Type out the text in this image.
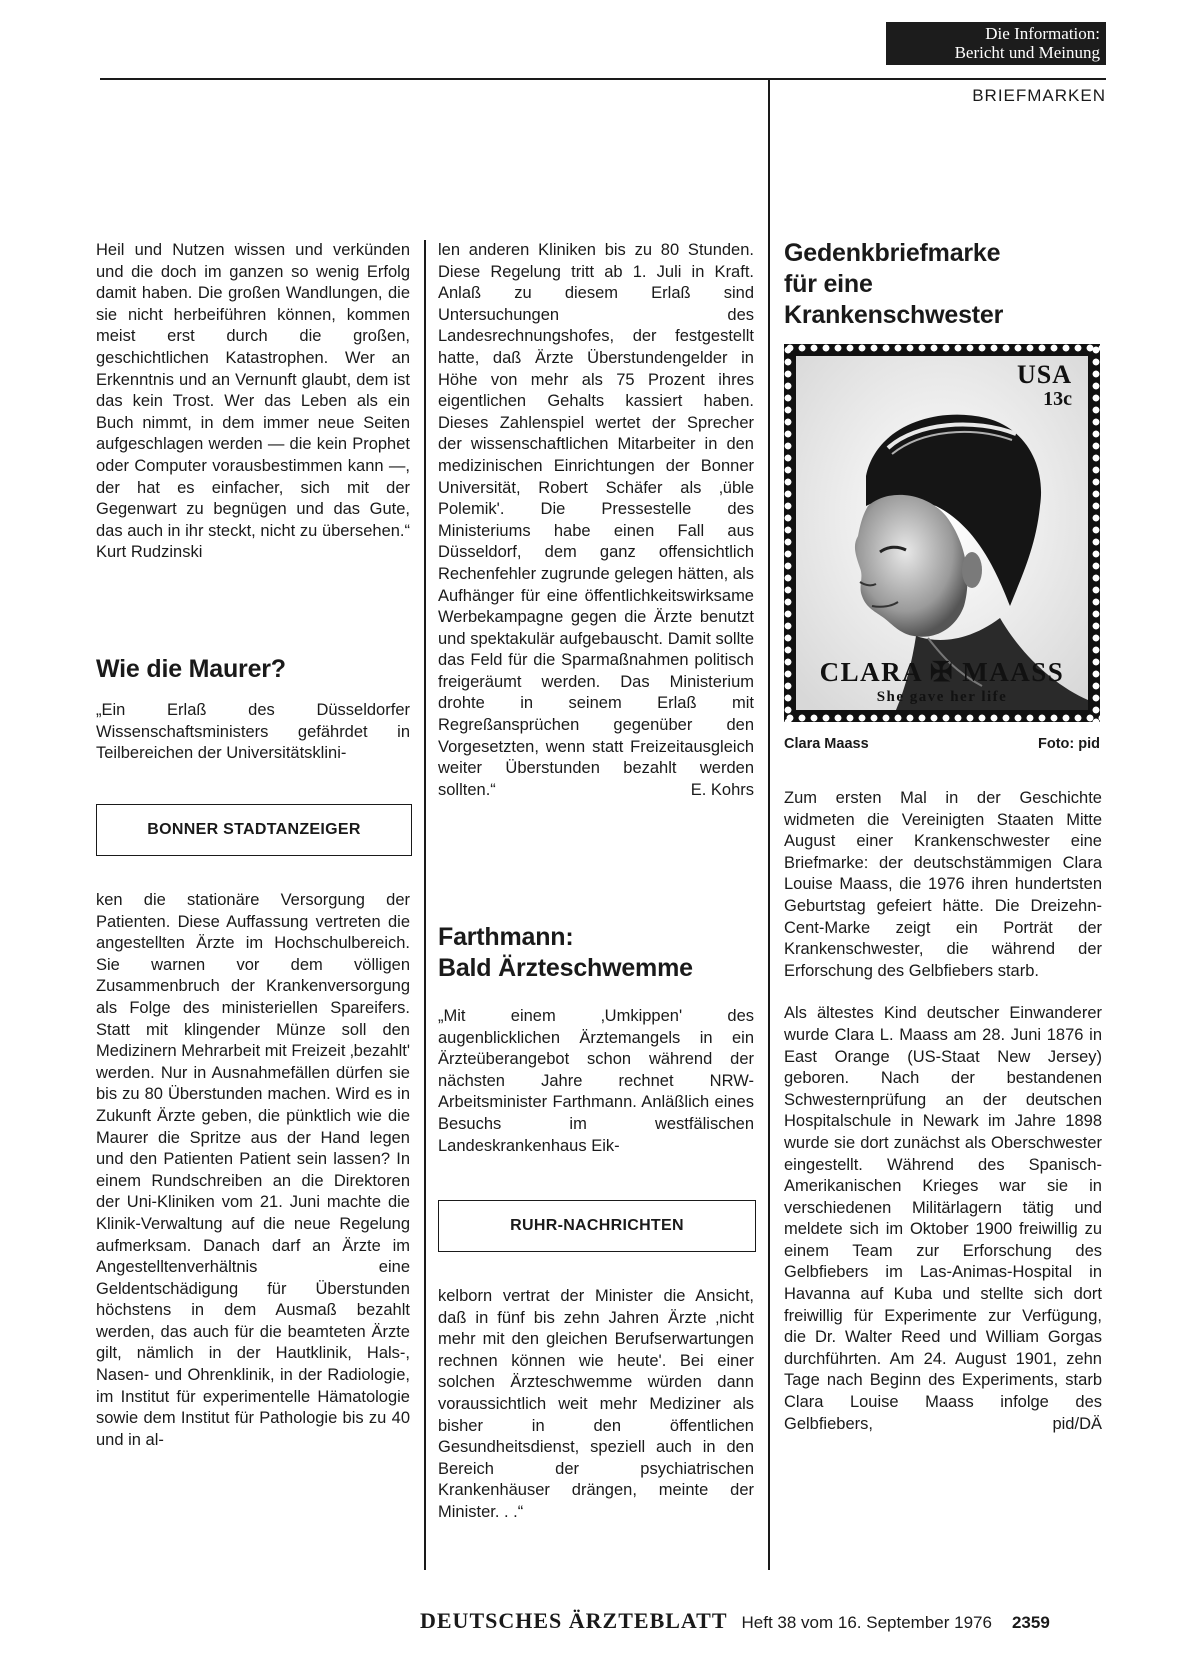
Die Information:
Bericht und Meinung
BRIEFMARKEN

Heil und Nutzen wissen und verkünden und die doch im ganzen so wenig Erfolg damit haben. Die großen Wandlungen, die sie nicht herbeiführen können, kommen meist erst durch die großen, geschichtlichen Katastrophen. Wer an Erkenntnis und an Vernunft glaubt, dem ist das kein Trost. Wer das Leben als ein Buch nimmt, in dem immer neue Seiten aufgeschlagen werden — die kein Prophet oder Computer vorausbestimmen kann —, der hat es einfacher, sich mit der Gegenwart zu begnügen und das Gute, das auch in ihr steckt, nicht zu übersehen.“ Kurt Rudzinski

Wie die Maurer?

„Ein Erlaß des Düsseldorfer Wissenschaftsministers gefährdet in Teilbereichen der Universitätsklini-

BONNER STADTANZEIGER

ken die stationäre Versorgung der Patienten. Diese Auffassung vertreten die angestellten Ärzte im Hochschulbereich. Sie warnen vor dem völligen Zusammenbruch der Krankenversorgung als Folge des ministeriellen Spareifers. Statt mit klingender Münze soll den Medizinern Mehrarbeit mit Freizeit ‚bezahlt' werden. Nur in Ausnahmefällen dürfen sie bis zu 80 Überstunden machen. Wird es in Zukunft Ärzte geben, die pünktlich wie die Maurer die Spritze aus der Hand legen und den Patienten Patient sein lassen? In einem Rundschreiben an die Direktoren der Uni-Kliniken vom 21. Juni machte die Klinik-Verwaltung auf die neue Regelung aufmerksam. Danach darf an Ärzte im Angestelltenverhältnis eine Geldentschädigung für Überstunden höchstens in dem Ausmaß bezahlt werden, das auch für die beamteten Ärzte gilt, nämlich in der Hautklinik, Hals-, Nasen- und Ohrenklinik, in der Radiologie, im Institut für experimentelle Hämatologie sowie dem Institut für Pathologie bis zu 40 und in al-

len anderen Kliniken bis zu 80 Stunden. Diese Regelung tritt ab 1. Juli in Kraft. Anlaß zu diesem Erlaß sind Untersuchungen des Landesrechnungshofes, der festgestellt hatte, daß Ärzte Überstundengelder in Höhe von mehr als 75 Prozent ihres eigentlichen Gehalts kassiert haben. Dieses Zahlenspiel wertet der Sprecher der wissenschaftlichen Mitarbeiter in den medizinischen Einrichtungen der Bonner Universität, Robert Schäfer als ‚üble Polemik'. Die Pressestelle des Ministeriums habe einen Fall aus Düsseldorf, dem ganz offensichtlich Rechenfehler zugrunde gelegen hätten, als Aufhänger für eine öffentlichkeitswirksame Werbekampagne gegen die Ärzte benutzt und spektakulär aufgebauscht. Damit sollte das Feld für die Sparmaßnahmen politisch freigeräumt werden. Das Ministerium drohte in seinem Erlaß mit Regreßansprüchen gegenüber den Vorgesetzten, wenn statt Freizeitausgleich weiter Überstunden bezahlt werden sollten.“	E. Kohrs

Farthmann:
Bald Ärzteschwemme

„Mit einem ‚Umkippen' des augenblicklichen Ärztemangels in ein Ärzteüberangebot schon während der nächsten Jahre rechnet NRW-Arbeitsminister Farthmann. Anläßlich eines Besuchs im westfälischen Landeskrankenhaus Eik-

RUHR-NACHRICHTEN

kelborn vertrat der Minister die Ansicht, daß in fünf bis zehn Jahren Ärzte ‚nicht mehr mit den gleichen Berufserwartungen rechnen können wie heute'. Bei einer solchen Ärzteschwemme würden dann voraussichtlich weit mehr Mediziner als bisher in den öffentlichen Gesundheitsdienst, speziell auch in den Bereich der psychiatrischen Krankenhäuser drängen, meinte der Minister. . .“

Gedenkbriefmarke
für eine
Krankenschwester
USA
13c
CLARA ✠ MAASS
She gave her life
Clara Maass	Foto: pid

Zum ersten Mal in der Geschichte widmeten die Vereinigten Staaten Mitte August einer Krankenschwester eine Briefmarke: der deutschstämmigen Clara Louise Maass, die 1976 ihren hundertsten Geburtstag gefeiert hätte. Die Dreizehn-Cent-Marke zeigt ein Porträt der Krankenschwester, die während der Erforschung des Gelbfiebers starb.

Als ältestes Kind deutscher Einwanderer wurde Clara L. Maass am 28. Juni 1876 in East Orange (US-Staat New Jersey) geboren. Nach der bestandenen Schwesternprüfung an der deutschen Hospitalschule in Newark im Jahre 1898 wurde sie dort zunächst als Oberschwester eingestellt. Während des Spanisch-Amerikanischen Krieges war sie in verschiedenen Militärlagern tätig und meldete sich im Oktober 1900 freiwillig zu einem Team zur Erforschung des Gelbfiebers im Las-Animas-Hospital in Havanna auf Kuba und stellte sich dort freiwillig für Experimente zur Verfügung, die Dr. Walter Reed und William Gorgas durchführten. Am 24. August 1901, zehn Tage nach Beginn des Experiments, starb Clara Louise Maass infolge des Gelbfiebers,	pid/DÄ

DEUTSCHES ÄRZTEBLATT Heft 38 vom 16. September 1976 2359
